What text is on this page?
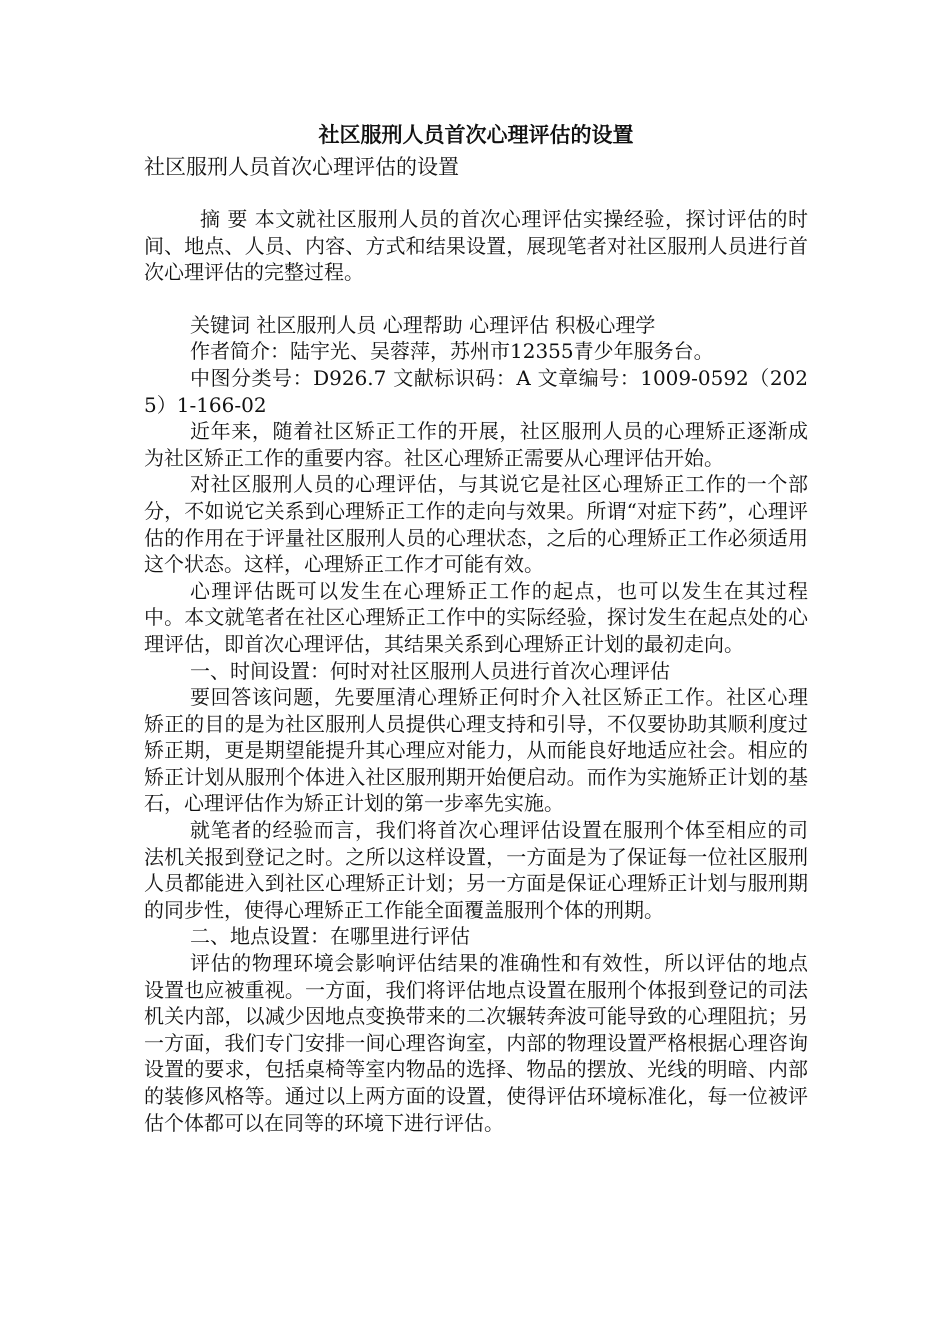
社区服刑人员首次心理评估的设置

社区服刑人员首次心理评估的设置

摘 要 本文就社区服刑人员的首次心理评估实操经验，探讨评估的时间、地点、人员、内容、方式和结果设置，展现笔者对社区服刑人员进行首次心理评估的完整过程。

关键词 社区服刑人员 心理帮助 心理评估 积极心理学

作者简介：陆宇光、吴蓉萍，苏州市12355青少年服务台。

中图分类号：D926.7 文献标识码：A 文章编号：1009-0592（2025）1-166-02

近年来，随着社区矫正工作的开展，社区服刑人员的心理矫正逐渐成为社区矫正工作的重要内容。社区心理矫正需要从心理评估开始。

对社区服刑人员的心理评估，与其说它是社区心理矫正工作的一个部分，不如说它关系到心理矫正工作的走向与效果。所谓“对症下药”，心理评估的作用在于评量社区服刑人员的心理状态，之后的心理矫正工作必须适用这个状态。这样，心理矫正工作才可能有效。

心理评估既可以发生在心理矫正工作的起点，也可以发生在其过程中。本文就笔者在社区心理矫正工作中的实际经验，探讨发生在起点处的心理评估，即首次心理评估，其结果关系到心理矫正计划的最初走向。

一、时间设置：何时对社区服刑人员进行首次心理评估

要回答该问题，先要厘清心理矫正何时介入社区矫正工作。社区心理矫正的目的是为社区服刑人员提供心理支持和引导，不仅要协助其顺利度过矫正期，更是期望能提升其心理应对能力，从而能良好地适应社会。相应的矫正计划从服刑个体进入社区服刑期开始便启动。而作为实施矫正计划的基石，心理评估作为矫正计划的第一步率先实施。

就笔者的经验而言，我们将首次心理评估设置在服刑个体至相应的司法机关报到登记之时。之所以这样设置，一方面是为了保证每一位社区服刑人员都能进入到社区心理矫正计划；另一方面是保证心理矫正计划与服刑期的同步性，使得心理矫正工作能全面覆盖服刑个体的刑期。

二、地点设置：在哪里进行评估

评估的物理环境会影响评估结果的准确性和有效性，所以评估的地点设置也应被重视。一方面，我们将评估地点设置在服刑个体报到登记的司法机关内部，以减少因地点变换带来的二次辗转奔波可能导致的心理阻抗；另一方面，我们专门安排一间心理咨询室，内部的物理设置严格根据心理咨询设置的要求，包括桌椅等室内物品的选择、物品的摆放、光线的明暗、内部的装修风格等。通过以上两方面的设置，使得评估环境标准化，每一位被评估个体都可以在同等的环境下进行评估。
